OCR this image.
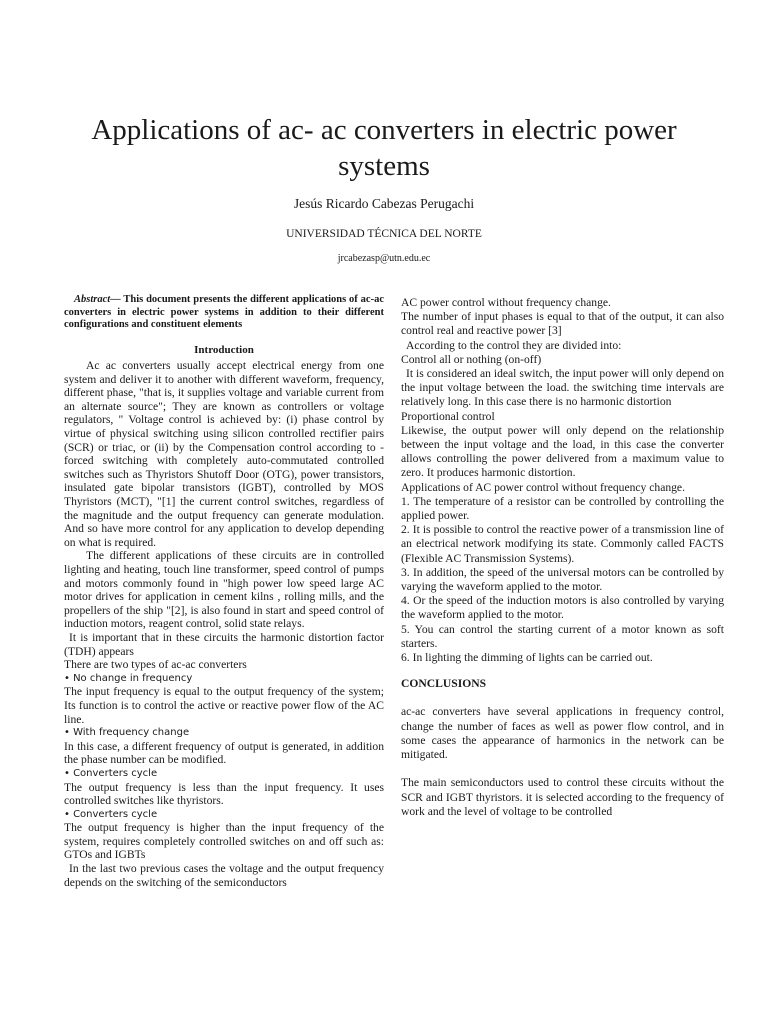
Applications of ac- ac converters in electric power systems
Jesús Ricardo Cabezas Perugachi
UNIVERSIDAD TÉCNICA DEL NORTE
jrcabezasp@utn.edu.ec

Abstract— This document presents the different applications of ac-ac converters in electric power systems in addition to their different configurations and constituent elements

Introduction

Ac ac converters usually accept electrical energy from one system and deliver it to another with different waveform, frequency, different phase, "that is, it supplies voltage and variable current from an alternate source"; They are known as controllers or voltage regulators, " Voltage control is achieved by: (i) phase control by virtue of physical switching using silicon controlled rectifier pairs (SCR) or triac, or (ii) by the Compensation control according to - forced switching with completely auto-commutated controlled switches such as Thyristors Shutoff Door (OTG), power transistors, insulated gate bipolar transistors (IGBT), controlled by MOS Thyristors (MCT), "[1] the current control switches, regardless of the magnitude and the output frequency can generate modulation. And so have more control for any application to develop depending on what is required.

The different applications of these circuits are in controlled lighting and heating, touch line transformer, speed control of pumps and motors commonly found in "high power low speed large AC motor drives for application in cement kilns , rolling mills, and the propellers of the ship "[2], is also found in start and speed control of induction motors, reagent control, solid state relays.

It is important that in these circuits the harmonic distortion factor (TDH) appears

There are two types of ac-ac converters

• No change in frequency

The input frequency is equal to the output frequency of the system; Its function is to control the active or reactive power flow of the AC line.

• With frequency change

In this case, a different frequency of output is generated, in addition the phase number can be modified.

• Converters cycle

The output frequency is less than the input frequency. It uses controlled switches like thyristors.

• Converters cycle

The output frequency is higher than the input frequency of the system, requires completely controlled switches on and off such as: GTOs and IGBTs

In the last two previous cases the voltage and the output frequency depends on the switching of the semiconductors

AC power control without frequency change.

The number of input phases is equal to that of the output, it can also control real and reactive power [3]

According to the control they are divided into:

Control all or nothing (on-off)

It is considered an ideal switch, the input power will only depend on the input voltage between the load. the switching time intervals are relatively long. In this case there is no harmonic distortion

Proportional control

Likewise, the output power will only depend on the relationship between the input voltage and the load, in this case the converter allows controlling the power delivered from a maximum value to zero. It produces harmonic distortion.

Applications of AC power control without frequency change.

1. The temperature of a resistor can be controlled by controlling the applied power.

2. It is possible to control the reactive power of a transmission line of an electrical network modifying its state. Commonly called FACTS (Flexible AC Transmission Systems).

3. In addition, the speed of the universal motors can be controlled by varying the waveform applied to the motor.

4. Or the speed of the induction motors is also controlled by varying the waveform applied to the motor.

5. You can control the starting current of a motor known as soft starters.

6. In lighting the dimming of lights can be carried out.

CONCLUSIONS

ac-ac converters have several applications in frequency control, change the number of faces as well as power flow control, and in some cases the appearance of harmonics in the network can be mitigated.

The main semiconductors used to control these circuits without the SCR and IGBT thyristors. it is selected according to the frequency of work and the level of voltage to be controlled
